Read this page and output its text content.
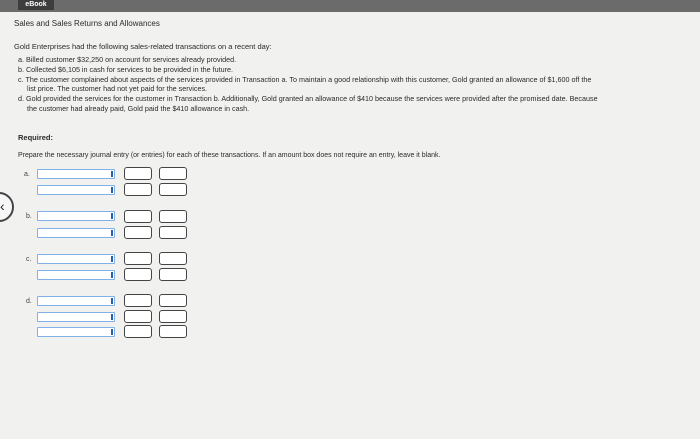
eBook
Sales and Sales Returns and Allowances
Gold Enterprises had the following sales-related transactions on a recent day:
a. Billed customer $32,250 on account for services already provided.
b. Collected $6,105 in cash for services to be provided in the future.
c. The customer complained about aspects of the services provided in Transaction a. To maintain a good relationship with this customer, Gold granted an allowance of $1,600 off the
list price. The customer had not yet paid for the services.
d. Gold provided the services for the customer in Transaction b. Additionally, Gold granted an allowance of $410 because the services were provided after the promised date. Because
the customer had already paid, Gold paid the $410 allowance in cash.
Required:
Prepare the necessary journal entry (or entries) for each of these transactions. If an amount box does not require an entry, leave it blank.
‹
a.
b.
c.
d.
